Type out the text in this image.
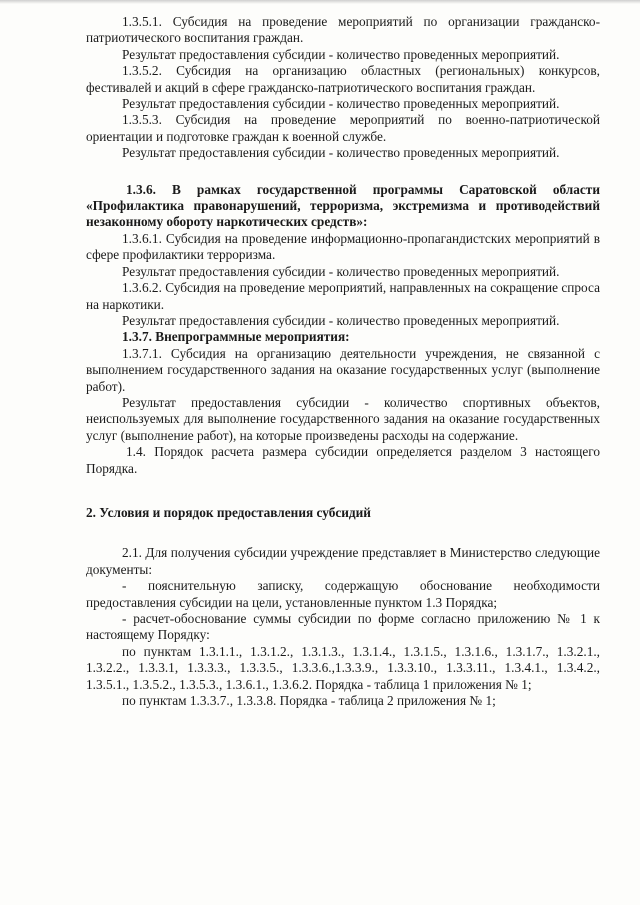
1.3.5.1. Субсидия на проведение мероприятий по организации гражданско-патриотического воспитания граждан.

Результат предоставления субсидии - количество проведенных мероприятий.

1.3.5.2. Субсидия на организацию областных (региональных) конкурсов, фестивалей и акций в сфере гражданско-патриотического воспитания граждан.

Результат предоставления субсидии - количество проведенных мероприятий.

1.3.5.3. Субсидия на проведение мероприятий по военно-патриотической ориентации и подготовке граждан к военной службе.

Результат предоставления субсидии - количество проведенных мероприятий.

1.3.6. В рамках государственной программы Саратовской области «Профилактика правонарушений, терроризма, экстремизма и противодействий незаконному обороту наркотических средств»:

1.3.6.1. Субсидия на проведение информационно-пропагандистских мероприятий в сфере профилактики терроризма.

Результат предоставления субсидии - количество проведенных мероприятий.

1.3.6.2. Субсидия на проведение мероприятий, направленных на сокращение спроса на наркотики.

Результат предоставления субсидии - количество проведенных мероприятий.

1.3.7. Внепрограммные мероприятия:

1.3.7.1. Субсидия на организацию деятельности учреждения, не связанной с выполнением государственного задания на оказание государственных услуг (выполнение работ).

Результат предоставления субсидии - количество спортивных объектов, неиспользуемых для выполнение государственного задания на оказание государственных услуг (выполнение работ), на которые произведены расходы на содержание.

1.4. Порядок расчета размера субсидии определяется разделом 3 настоящего Порядка.

2. Условия и порядок предоставления субсидий

2.1. Для получения субсидии учреждение представляет в Министерство следующие документы:

- пояснительную записку, содержащую обоснование необходимости предоставления субсидии на цели, установленные пунктом 1.3 Порядка;

- расчет-обоснование суммы субсидии по форме согласно приложению № 1 к настоящему Порядку:

по пунктам 1.3.1.1., 1.3.1.2., 1.3.1.3., 1.3.1.4., 1.3.1.5., 1.3.1.6., 1.3.1.7., 1.3.2.1., 1.3.2.2., 1.3.3.1, 1.3.3.3., 1.3.3.5., 1.3.3.6.,1.3.3.9., 1.3.3.10., 1.3.3.11., 1.3.4.1., 1.3.4.2., 1.3.5.1., 1.3.5.2., 1.3.5.3., 1.3.6.1., 1.3.6.2. Порядка - таблица 1 приложения № 1;

по пунктам 1.3.3.7., 1.3.3.8. Порядка - таблица 2 приложения № 1;
